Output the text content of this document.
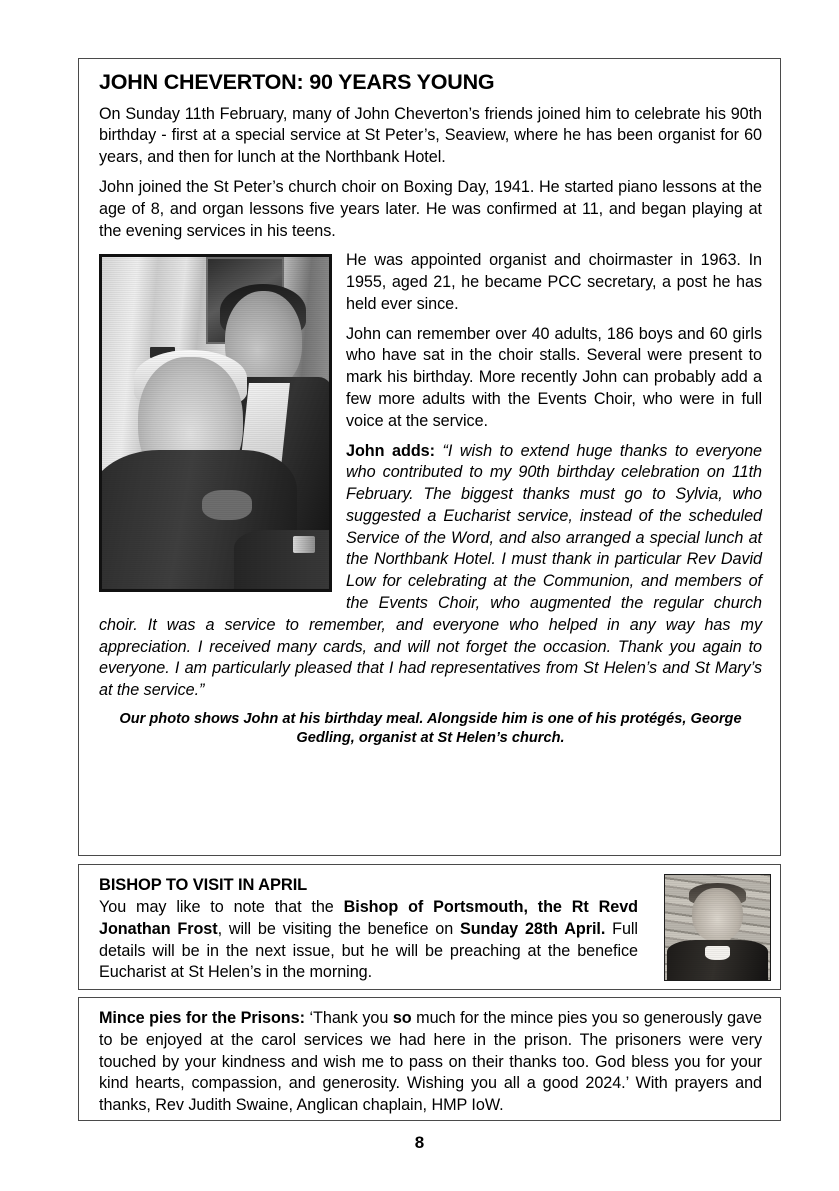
JOHN CHEVERTON: 90 YEARS YOUNG

On Sunday 11th February, many of John Cheverton’s friends joined him to celebrate his 90th birthday - first at a special service at St Peter’s, Seaview, where he has been organist for 60 years, and then for lunch at the Northbank Hotel.

John joined the St Peter’s church choir on Boxing Day, 1941. He started piano lessons at the age of 8, and organ lessons five years later. He was confirmed at 11, and began playing at the evening services in his teens.

He was appointed organist and choirmaster in 1963. In 1955, aged 21, he became PCC secretary, a post he has held ever since.

John can remember over 40 adults, 186 boys and 60 girls who have sat in the choir stalls. Several were present to mark his birthday. More recently John can probably add a few more adults with the Events Choir, who were in full voice at the service.

John adds: “I wish to extend huge thanks to everyone who contributed to my 90th birthday celebration on 11th February. The biggest thanks must go to Sylvia, who suggested a Eucharist service, instead of the scheduled Service of the Word, and also arranged a special lunch at the Northbank Hotel. I must thank in particular Rev David Low for celebrating at the Communion, and members of the Events Choir, who augmented the regular church choir. It was a service to remember, and everyone who helped in any way has my appreciation. I received many cards, and will not forget the occasion. Thank you again to everyone. I am particularly pleased that I had representatives from St Helen’s and St Mary’s at the service.”

Our photo shows John at his birthday meal. Alongside him is one of his protégés, George Gedling, organist at St Helen’s church.

BISHOP TO VISIT IN APRIL

You may like to note that the Bishop of Portsmouth, the Rt Revd Jonathan Frost, will be visiting the benefice on Sunday 28th April. Full details will be in the next issue, but he will be preaching at the benefice Eucharist at St Helen’s in the morning.

Mince pies for the Prisons: ‘Thank you so much for the mince pies you so generously gave to be enjoyed at the carol services we had here in the prison. The prisoners were very touched by your kindness and wish me to pass on their thanks too. God bless you for your kind hearts, compassion, and generosity. Wishing you all a good 2024.’ With prayers and thanks, Rev Judith Swaine, Anglican chaplain, HMP IoW.

8
